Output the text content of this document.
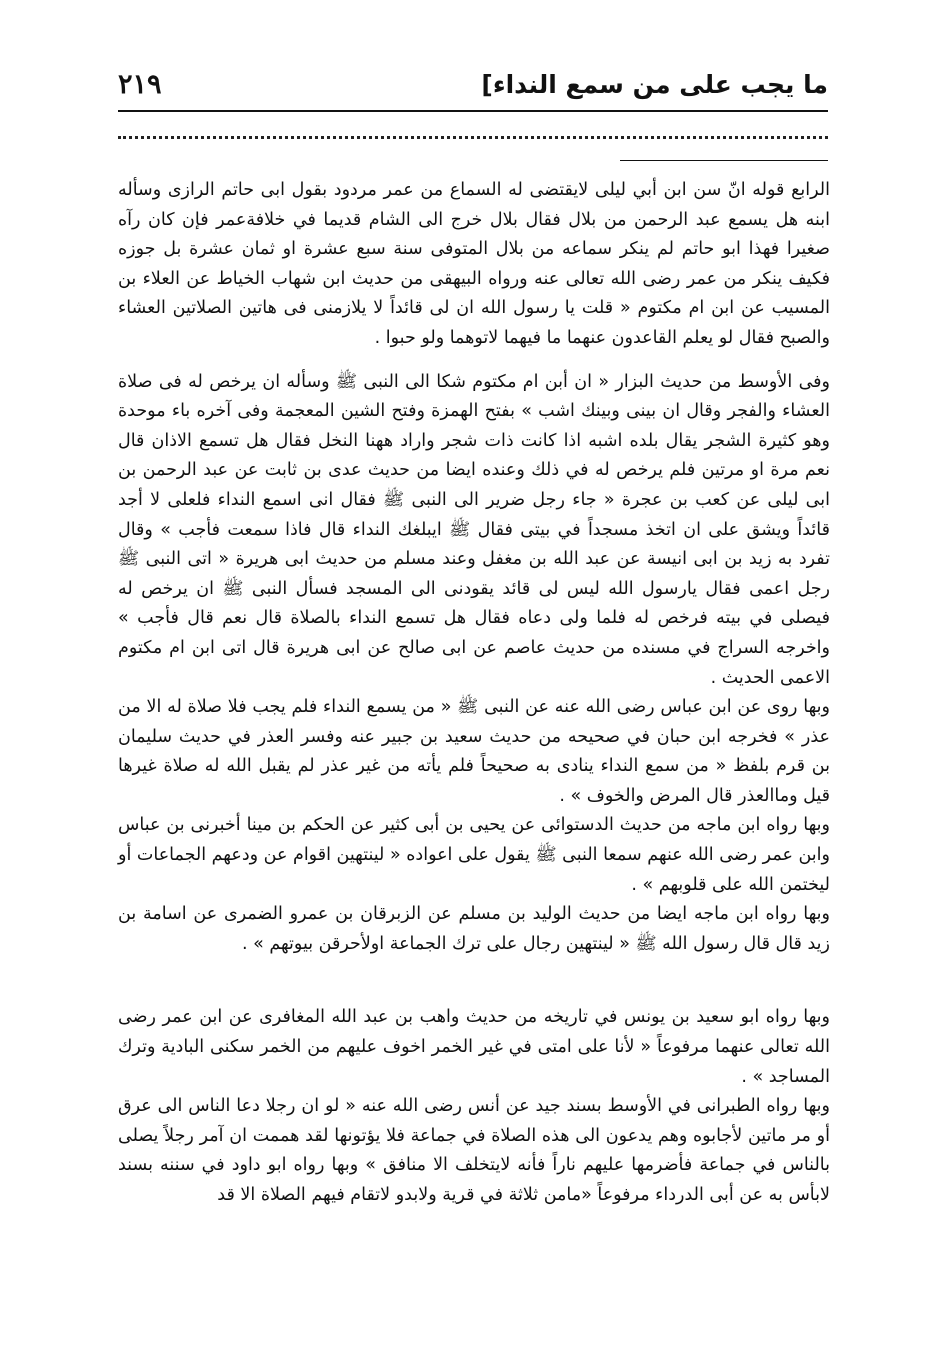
٢١٩	ما يجب على من سمع النداء]

الرابع قوله انّ سن ابن أبي ليلى لايقتضى له السماع من عمر مردود بقول ابى حاتم الرازى وسأله ابنه هل يسمع عبد الرحمن من بلال فقال بلال خرج الى الشام قديما في خلافةعمر فإن كان رآه صغيرا فهذا ابو حاتم لم ينكر سماعه من بلال المتوفى سنة سبع عشرة او ثمان عشرة بل جوزه فكيف ينكر من عمر رضى الله تعالى عنه ورواه البيهقى من حديث ابن شهاب الخياط عن العلاء بن المسيب عن ابن ام مكتوم « قلت يا رسول الله ان لى قائداً لا يلازمنى فى هاتين الصلاتين العشاء والصبح فقال لو يعلم القاعدون عنهما ما فيهما لاتوهما ولو حبوا .

وفى الأوسط من حديث البزار « ان أبن ام مكتوم شكا الى النبى ﷺ وسأله ان يرخص له فى صلاة العشاء والفجر وقال ان بينى وبينك اشب » بفتح الهمزة وفتح الشين المعجمة وفى آخره باء موحدة وهو كثيرة الشجر يقال بلده اشبه اذا كانت ذات شجر واراد ههنا النخل فقال هل تسمع الاذان قال نعم مرة او مرتين فلم يرخص له في ذلك وعنده ايضا من حديث عدى بن ثابت عن عبد الرحمن بن ابى ليلى عن كعب بن عجرة « جاء رجل ضرير الى النبى ﷺ فقال انى اسمع النداء فلعلى لا أجد قائداً ويشق على ان اتخذ مسجداً في بيتى فقال ﷺ ايبلغك النداء قال فاذا سمعت فأجب » وقال تفرد به زيد بن ابى انيسة عن عبد الله بن مغفل وعند مسلم من حديث ابى هريرة « اتى النبى ﷺ رجل اعمى فقال يارسول الله ليس لى قائد يقودنى الى المسجد فسأل النبى ﷺ ان يرخص له فيصلى في بيته فرخص له فلما ولى دعاه فقال هل تسمع النداء بالصلاة قال نعم قال فأجب » واخرجه السراج في مسنده من حديث عاصم عن ابى صالح عن ابى هريرة قال اتى ابن ام مكتوم الاعمى الحديث .

وبها روى عن ابن عباس رضى الله عنه عن النبى ﷺ « من يسمع النداء فلم يجب فلا صلاة له الا من عذر » فخرجه ابن حبان في صحيحه من حديث سعيد بن جبير عنه وفسر العذر في حديث سليمان بن قرم بلفظ « من سمع النداء ينادى به صحيحاً فلم يأته من غير عذر لم يقبل الله له صلاة غيرها قيل وماالعذر قال المرض والخوف » .

وبها رواه ابن ماجه من حديث الدستوائى عن يحيى بن أبى كثير عن الحكم بن مينا أخبرنى بن عباس وابن عمر رضى الله عنهم سمعا النبى ﷺ يقول على اعواده « لينتهين اقوام عن ودعهم الجماعات أو ليختمن الله على قلوبهم » .

وبها رواه ابن ماجه ايضا من حديث الوليد بن مسلم عن الزبرقان بن عمرو الضمرى عن اسامة بن زيد قال قال رسول الله ﷺ « لينتهين رجال على ترك الجماعة اولأحرقن بيوتهم » .

وبها رواه ابو سعيد بن يونس في تاريخه من حديث واهب بن عبد الله المغافرى عن ابن عمر رضى الله تعالى عنهما مرفوعاً « لأنا على امتى في غير الخمر اخوف عليهم من الخمر سكنى البادية وترك المساجد » .

وبها رواه الطبرانى في الأوسط بسند جيد عن أنس رضى الله عنه « لو ان رجلا دعا الناس الى عرق أو مر ماتين لأجابوه وهم يدعون الى هذه الصلاة في جماعة فلا يؤتونها لقد هممت ان آمر رجلاً يصلى بالناس في جماعة فأضرمها عليهم ناراً فأنه لايتخلف الا منافق » وبها رواه ابو داود في سننه بسند لابأس به عن أبى الدرداء مرفوعاً «مامن ثلاثة في قرية ولابدو لاتقام فيهم الصلاة الا قد
